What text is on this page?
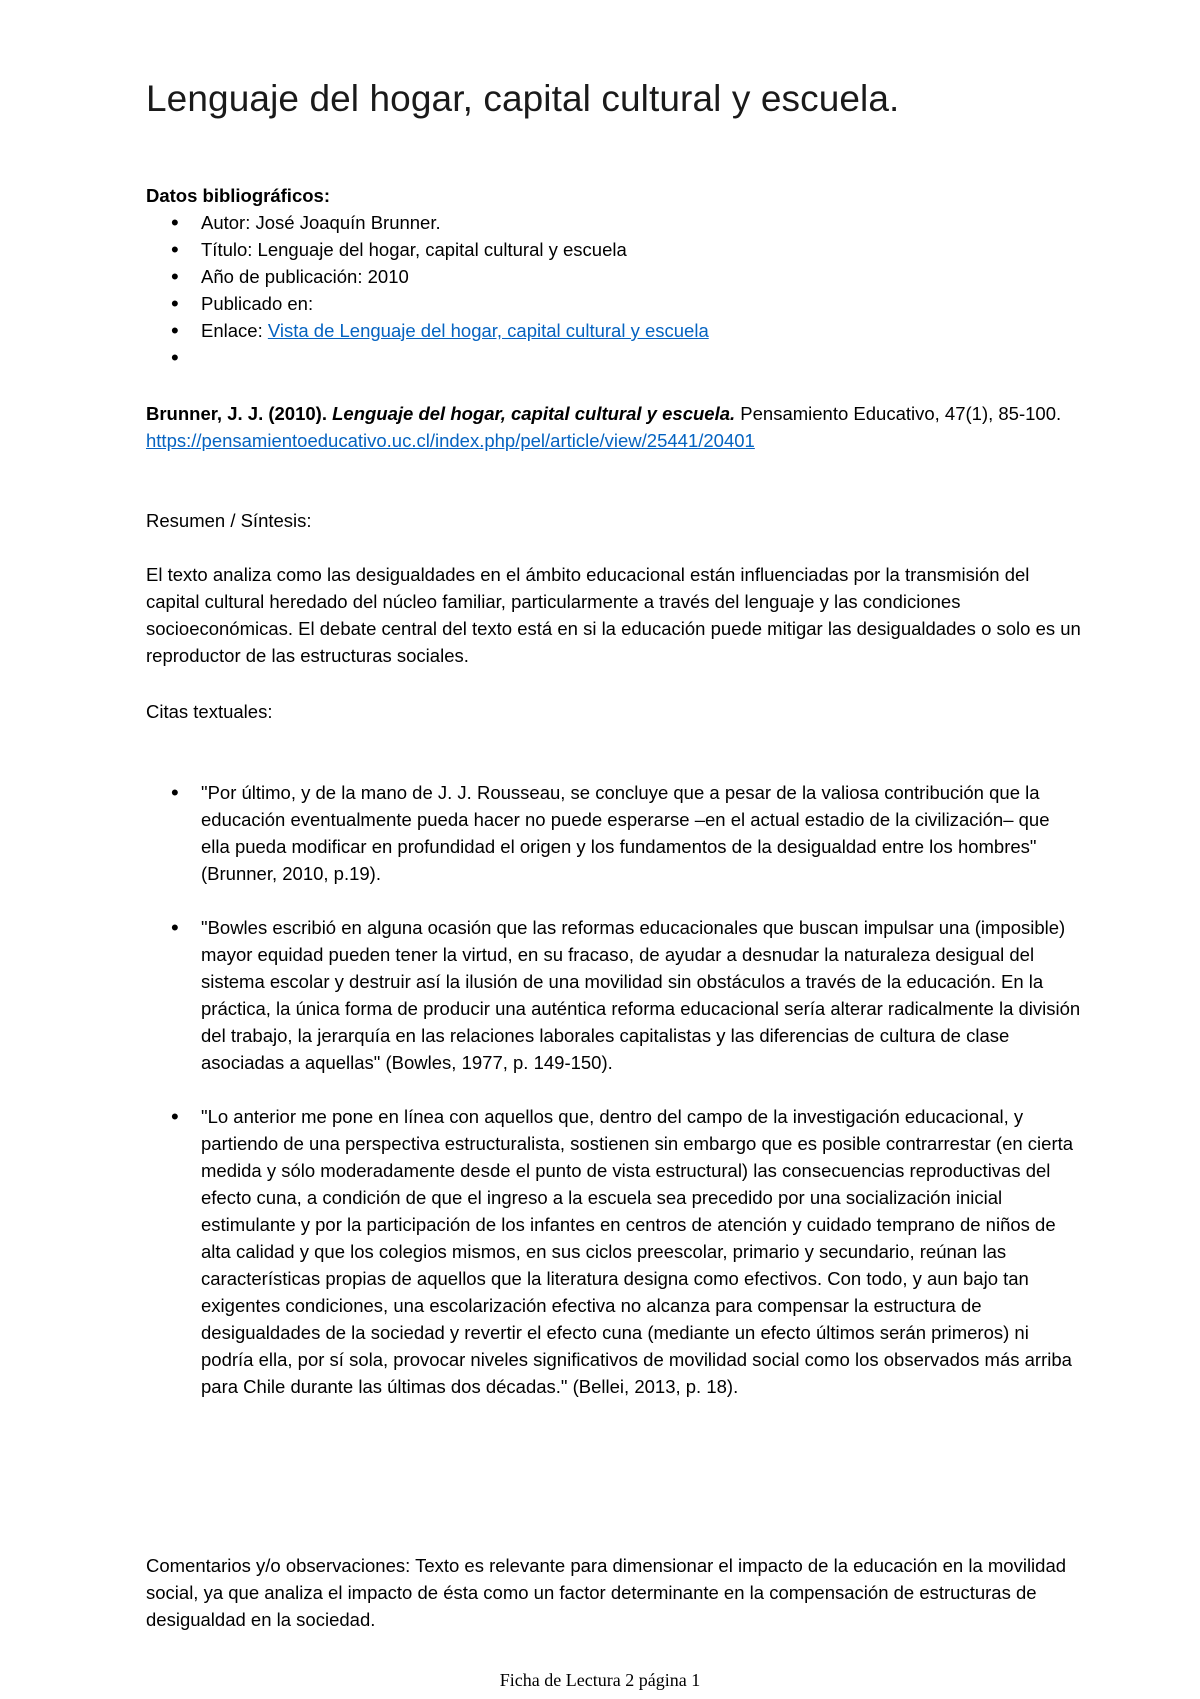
Lenguaje del hogar, capital cultural y escuela.
Datos bibliográficos:
• Autor: José Joaquín Brunner.
• Título: Lenguaje del hogar, capital cultural y escuela
• Año de publicación: 2010
• Publicado en:
• Enlace: Vista de Lenguaje del hogar, capital cultural y escuela
•

Brunner, J. J. (2010). Lenguaje del hogar, capital cultural y escuela. Pensamiento Educativo, 47(1), 85-100. https://pensamientoeducativo.uc.cl/index.php/pel/article/view/25441/20401

Resumen / Síntesis:

El texto analiza como las desigualdades en el ámbito educacional están influenciadas por la transmisión del capital cultural heredado del núcleo familiar, particularmente a través del lenguaje y las condiciones socioeconómicas. El debate central del texto está en si la educación puede mitigar las desigualdades o solo es un reproductor de las estructuras sociales.

Citas textuales:
• "Por último, y de la mano de J. J. Rousseau, se concluye que a pesar de la valiosa contribución que la educación eventualmente pueda hacer no puede esperarse –en el actual estadio de la civilización– que ella pueda modificar en profundidad el origen y los fundamentos de la desigualdad entre los hombres" (Brunner, 2010, p.19).
• "Bowles escribió en alguna ocasión que las reformas educacionales que buscan impulsar una (imposible) mayor equidad pueden tener la virtud, en su fracaso, de ayudar a desnudar la naturaleza desigual del sistema escolar y destruir así la ilusión de una movilidad sin obstáculos a través de la educación. En la práctica, la única forma de producir una auténtica reforma educacional sería alterar radicalmente la división del trabajo, la jerarquía en las relaciones laborales capitalistas y las diferencias de cultura de clase asociadas a aquellas" (Bowles, 1977, p. 149-150).
• "Lo anterior me pone en línea con aquellos que, dentro del campo de la investigación educacional, y partiendo de una perspectiva estructuralista, sostienen sin embargo que es posible contrarrestar (en cierta medida y sólo moderadamente desde el punto de vista estructural) las consecuencias reproductivas del efecto cuna, a condición de que el ingreso a la escuela sea precedido por una socialización inicial estimulante y por la participación de los infantes en centros de atención y cuidado temprano de niños de alta calidad y que los colegios mismos, en sus ciclos preescolar, primario y secundario, reúnan las características propias de aquellos que la literatura designa como efectivos. Con todo, y aun bajo tan exigentes condiciones, una escolarización efectiva no alcanza para compensar la estructura de desigualdades de la sociedad y revertir el efecto cuna (mediante un efecto últimos serán primeros) ni podría ella, por sí sola, provocar niveles significativos de movilidad social como los observados más arriba para Chile durante las últimas dos décadas." (Bellei, 2013, p. 18).

Comentarios y/o observaciones: Texto es relevante para dimensionar el impacto de la educación en la movilidad social, ya que analiza el impacto de ésta como un factor determinante en la compensación de estructuras de desigualdad en la sociedad.

Ficha de Lectura 2 página 1
